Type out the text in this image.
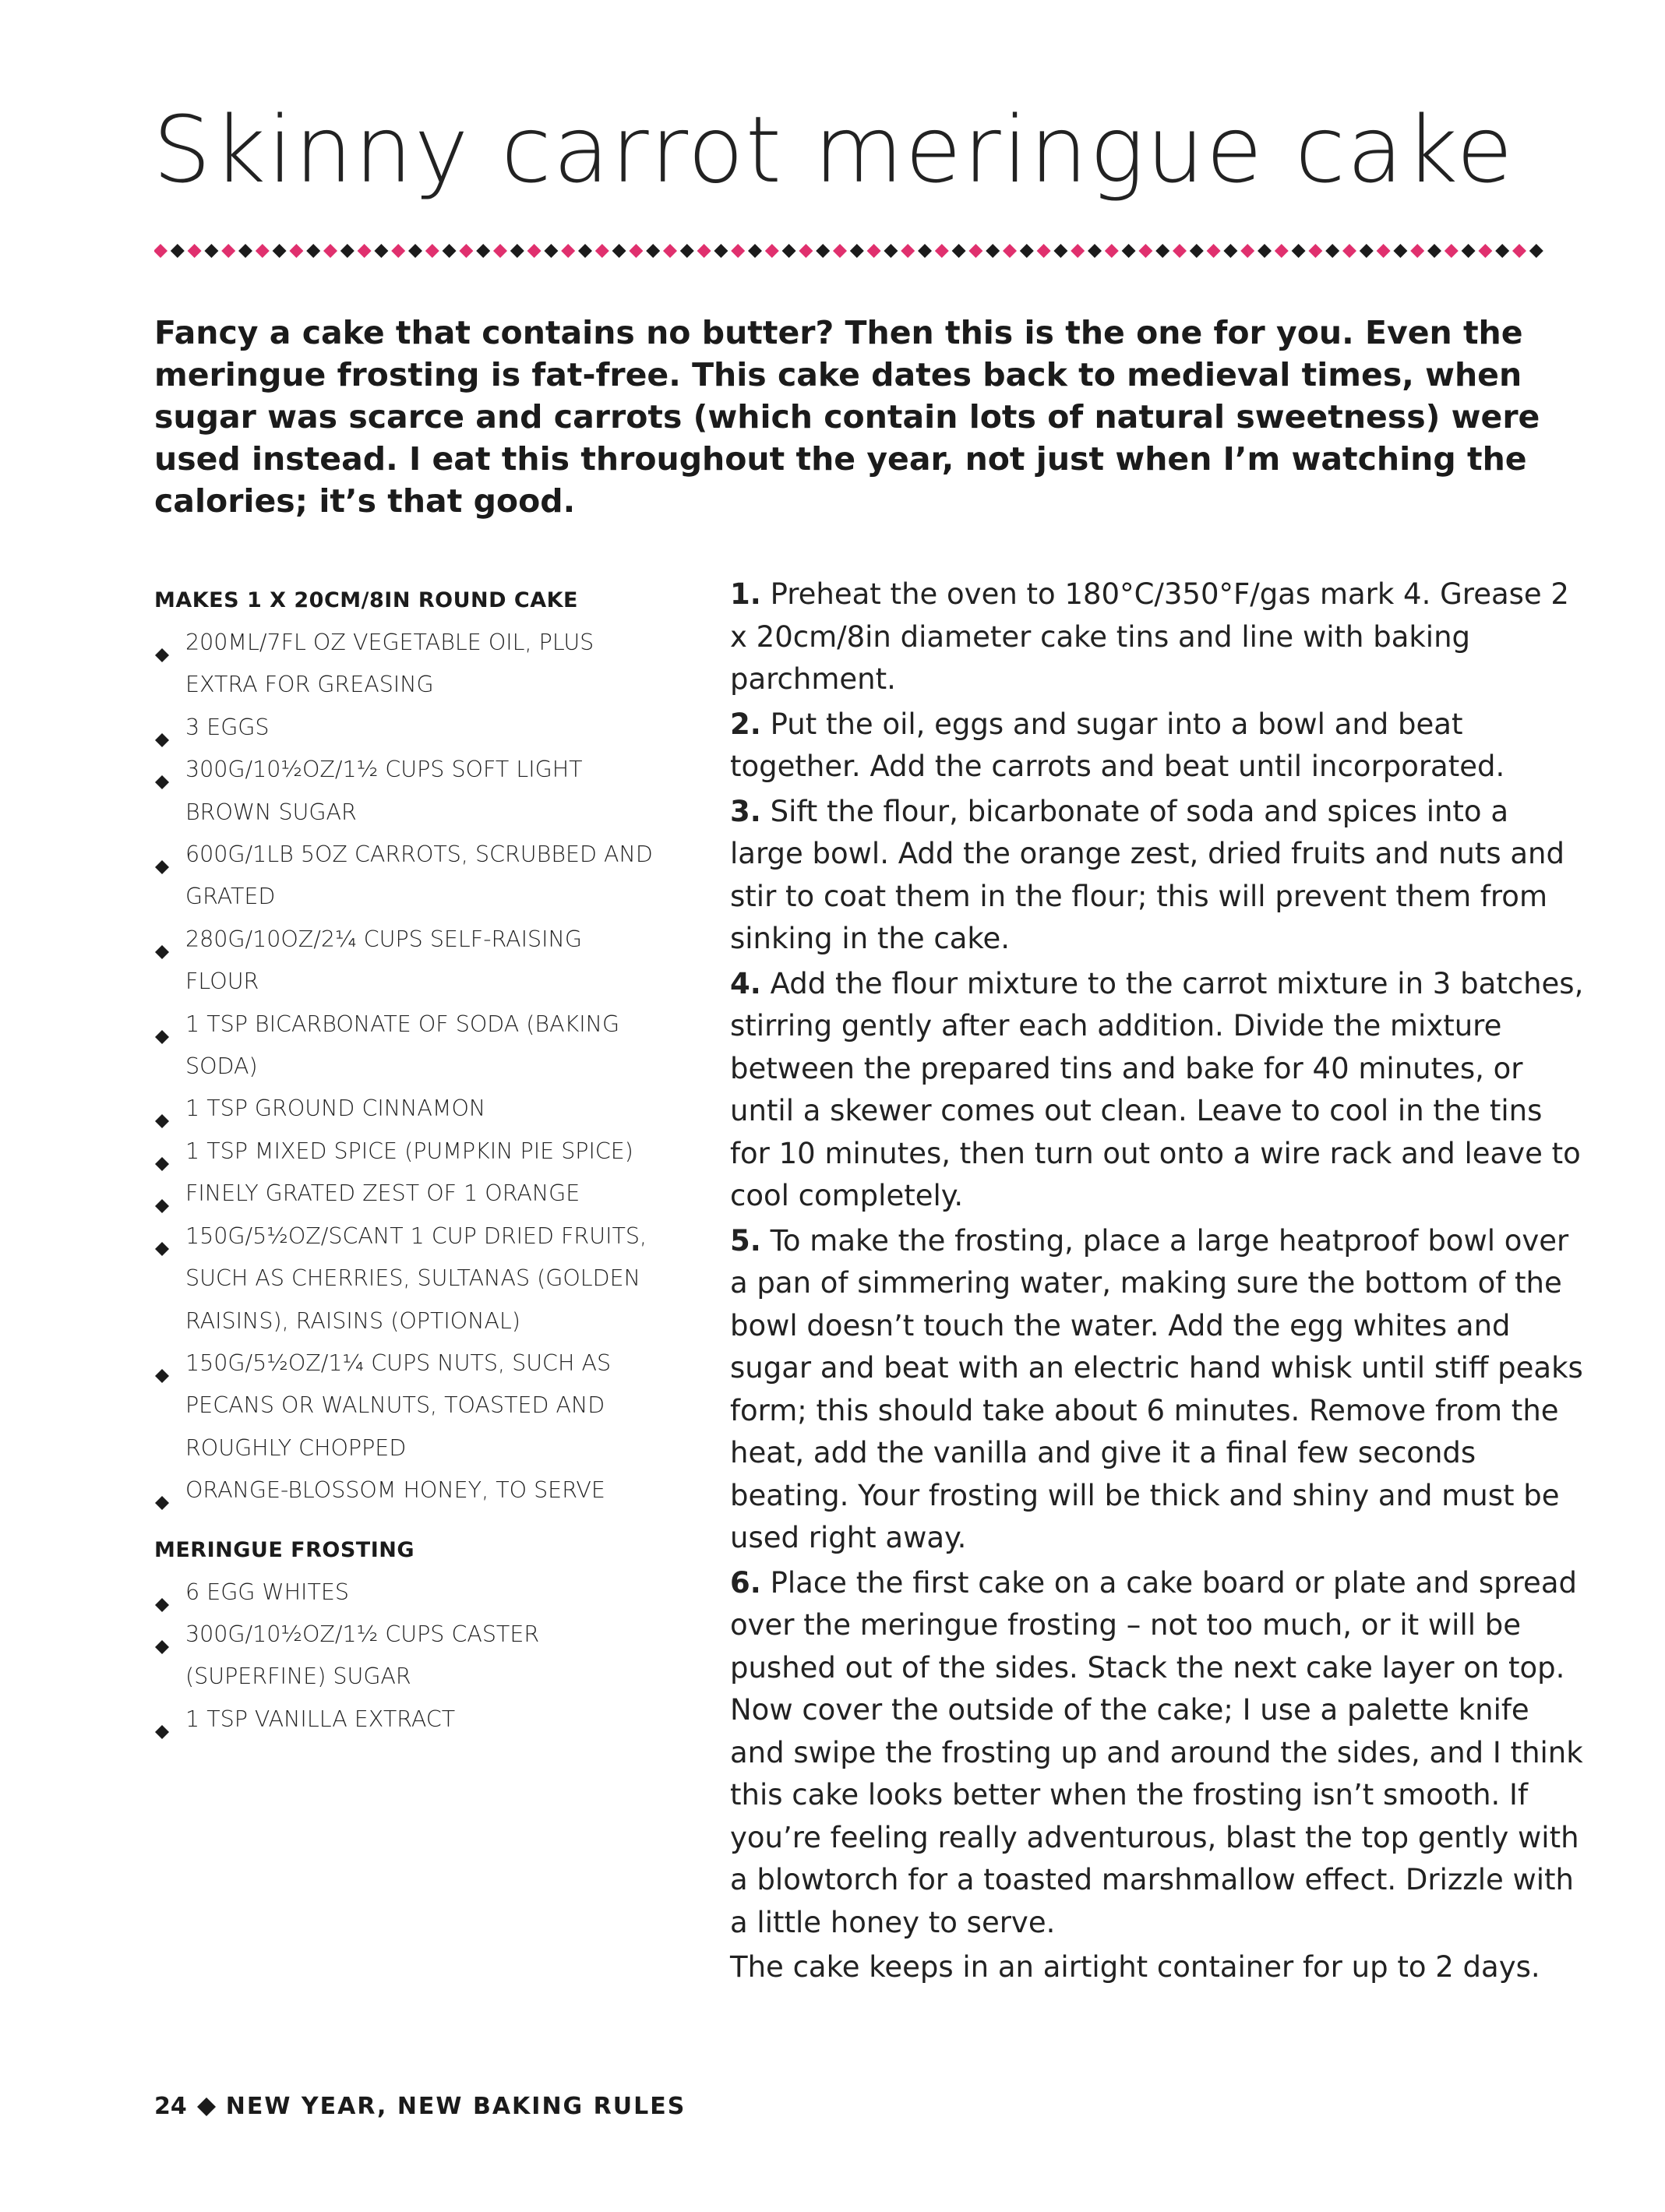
Skinny carrot meringue cake

Fancy a cake that contains no butter? Then this is the one for you. Even the meringue frosting is fat-free. This cake dates back to medieval times, when sugar was scarce and carrots (which contain lots of natural sweetness) were used instead. I eat this throughout the year, not just when I’m watching the calories; it’s that good.

MAKES 1 X 20CM/8IN ROUND CAKE
200ML/7FL OZ VEGETABLE OIL, PLUS EXTRA FOR GREASING
3 EGGS
300G/10½OZ/1½ CUPS SOFT LIGHT BROWN SUGAR
600G/1LB 5OZ CARROTS, SCRUBBED AND GRATED
280G/10OZ/2¼ CUPS SELF-RAISING FLOUR
1 TSP BICARBONATE OF SODA (BAKING SODA)
1 TSP GROUND CINNAMON
1 TSP MIXED SPICE (PUMPKIN PIE SPICE)
FINELY GRATED ZEST OF 1 ORANGE
150G/5½OZ/SCANT 1 CUP DRIED FRUITS, SUCH AS CHERRIES, SULTANAS (GOLDEN RAISINS), RAISINS (OPTIONAL)
150G/5½OZ/1¼ CUPS NUTS, SUCH AS PECANS OR WALNUTS, TOASTED AND ROUGHLY CHOPPED
ORANGE-BLOSSOM HONEY, TO SERVE
MERINGUE FROSTING
6 EGG WHITES
300G/10½OZ/1½ CUPS CASTER (SUPERFINE) SUGAR
1 TSP VANILLA EXTRACT

1. Preheat the oven to 180°C/350°F/gas mark 4. Grease 2 x 20cm/8in diameter cake tins and line with baking parchment.

2. Put the oil, eggs and sugar into a bowl and beat together. Add the carrots and beat until incorporated.

3. Sift the flour, bicarbonate of soda and spices into a large bowl. Add the orange zest, dried fruits and nuts and stir to coat them in the flour; this will prevent them from sinking in the cake.

4. Add the flour mixture to the carrot mixture in 3 batches, stirring gently after each addition. Divide the mixture between the prepared tins and bake for 40 minutes, or until a skewer comes out clean. Leave to cool in the tins for 10 minutes, then turn out onto a wire rack and leave to cool completely.

5. To make the frosting, place a large heatproof bowl over a pan of simmering water, making sure the bottom of the bowl doesn’t touch the water. Add the egg whites and sugar and beat with an electric hand whisk until stiff peaks form; this should take about 6 minutes. Remove from the heat, add the vanilla and give it a final few seconds beating. Your frosting will be thick and shiny and must be used right away.

6. Place the first cake on a cake board or plate and spread over the meringue frosting – not too much, or it will be pushed out of the sides. Stack the next cake layer on top. Now cover the outside of the cake; I use a palette knife and swipe the frosting up and around the sides, and I think this cake looks better when the frosting isn’t smooth. If you’re feeling really adventurous, blast the top gently with a blowtorch for a toasted marshmallow effect. Drizzle with a little honey to serve.

The cake keeps in an airtight container for up to 2 days.

24 NEW YEAR, NEW BAKING RULES
